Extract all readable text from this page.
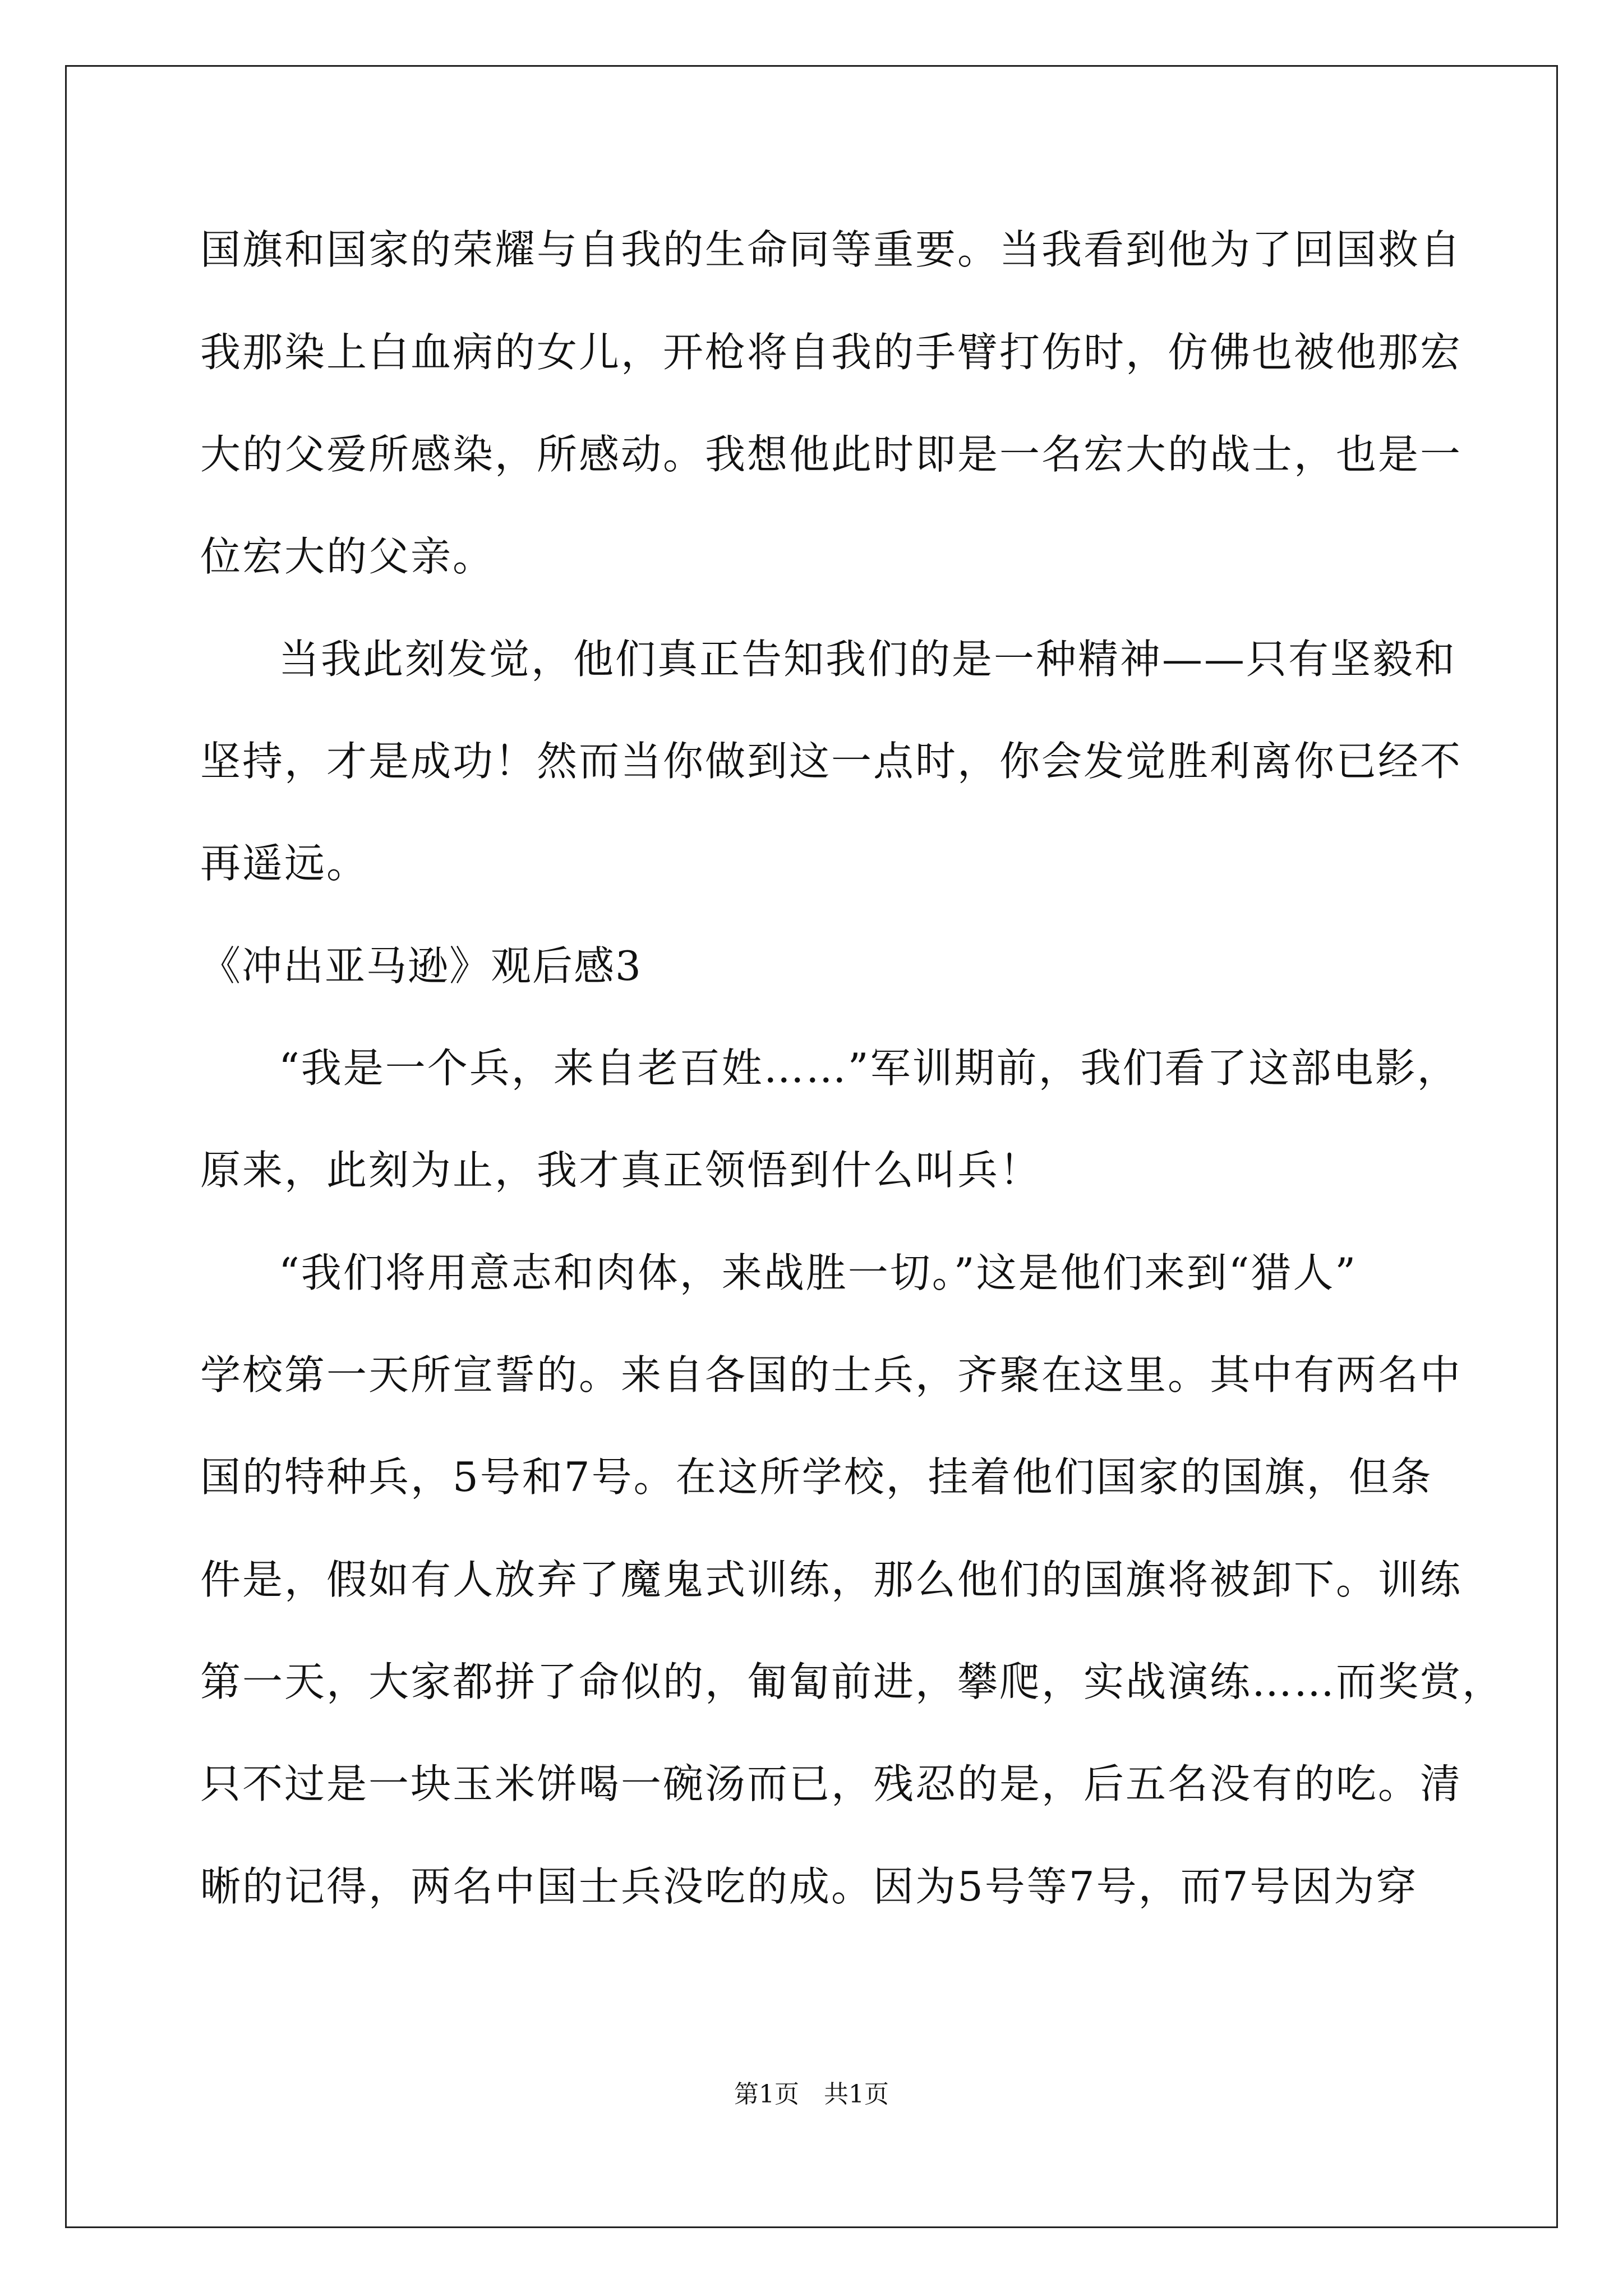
国旗和国家的荣耀与自我的生命同等重要。当我看到他为了回国救自
我那染上白血病的女儿，开枪将自我的手臂打伤时，仿佛也被他那宏
大的父爱所感染，所感动。我想他此时即是一名宏大的战士，也是一
位宏大的父亲。
当我此刻发觉，他们真正告知我们的是一种精神——只有坚毅和
坚持，才是成功！然而当你做到这一点时，你会发觉胜利离你已经不
再遥远。
《冲出亚马逊》观后感3
“我是一个兵，来自老百姓……”军训期前，我们看了这部电影，
原来，此刻为止，我才真正领悟到什么叫兵！
“我们将用意志和肉体，来战胜一切。”这是他们来到“猎人”
学校第一天所宣誓的。来自各国的士兵，齐聚在这里。其中有两名中
国的特种兵，5号和7号。在这所学校，挂着他们国家的国旗，但条
件是，假如有人放弃了魔鬼式训练，那么他们的国旗将被卸下。训练
第一天，大家都拼了命似的，匍匐前进，攀爬，实战演练……而奖赏，
只不过是一块玉米饼喝一碗汤而已，残忍的是，后五名没有的吃。清
晰的记得，两名中国士兵没吃的成。因为5号等7号，而7号因为穿
第1页　共1页
